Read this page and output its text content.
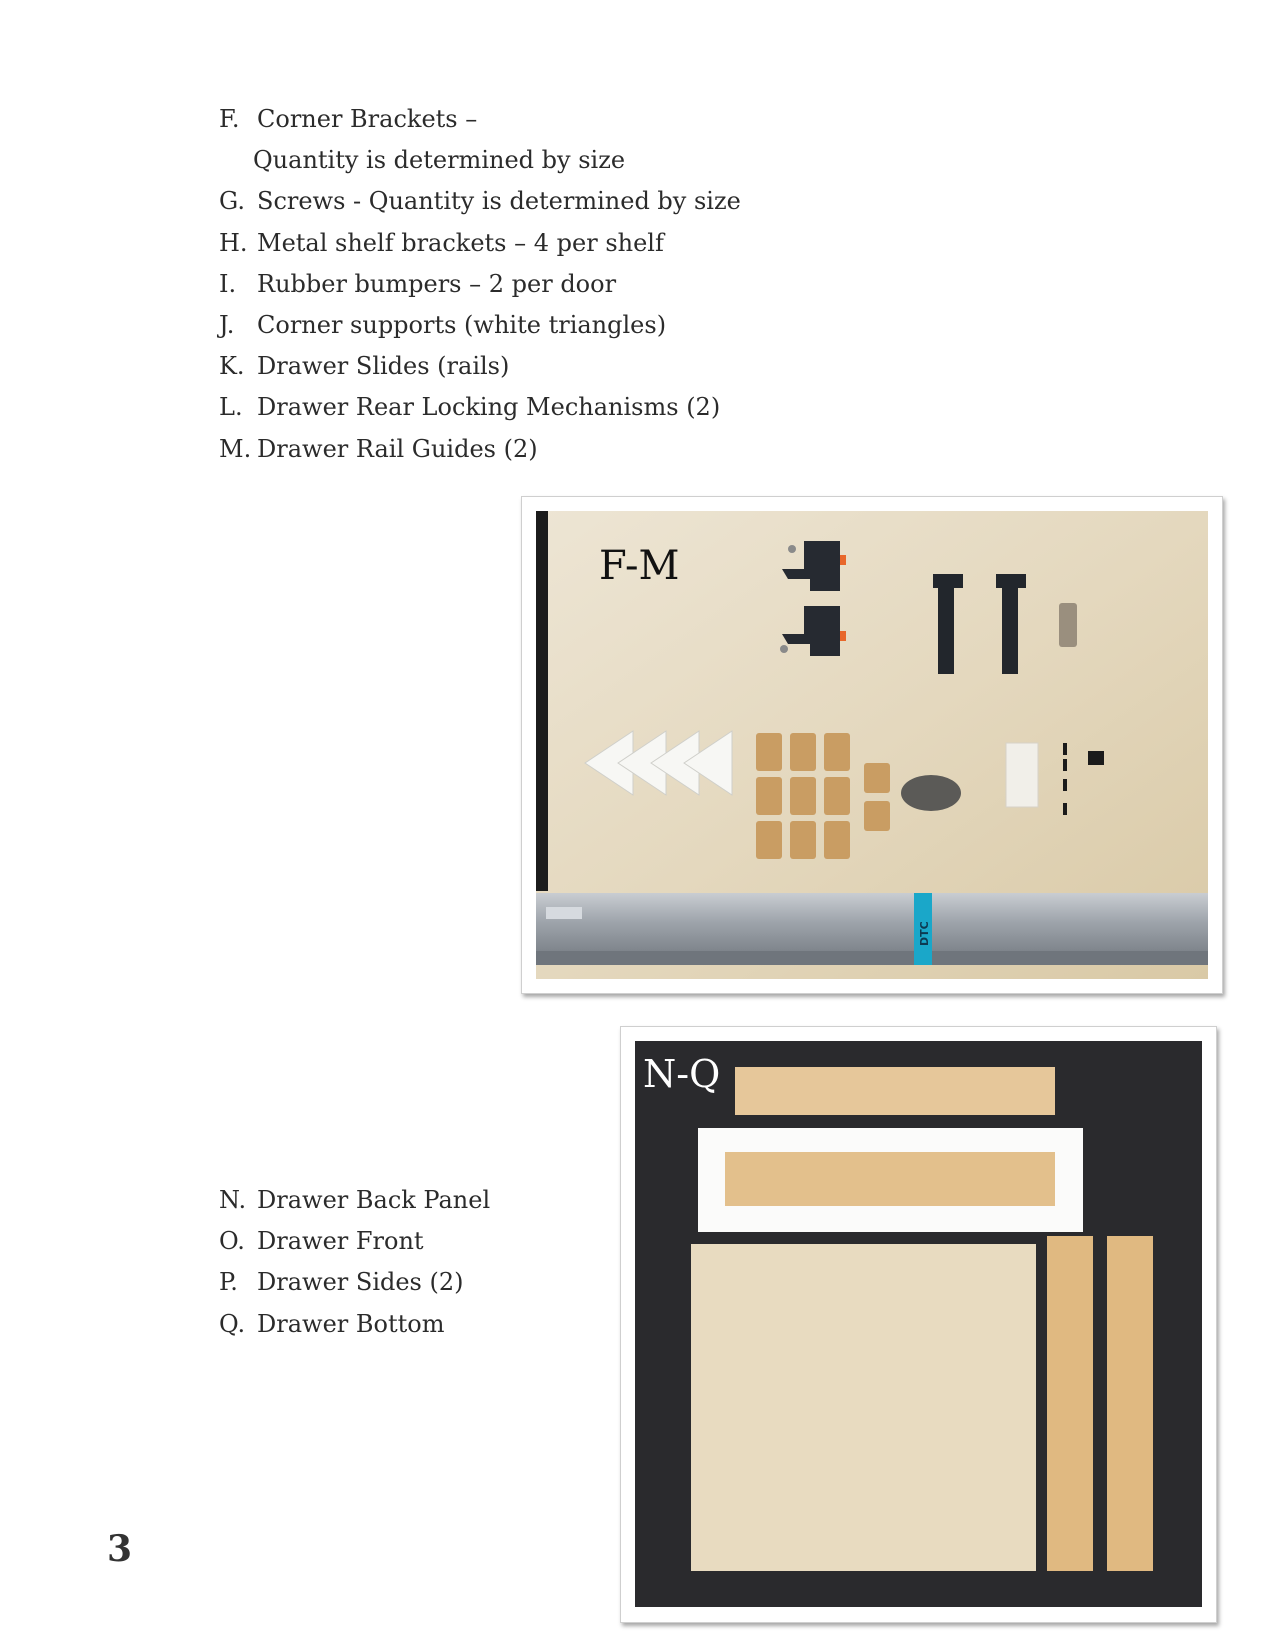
F. Corner Brackets –
Quantity is determined by size
G. Screws - Quantity is determined by size
H. Metal shelf brackets – 4 per shelf
I. Rubber bumpers – 2 per door
J. Corner supports (white triangles)
K. Drawer Slides (rails)
L. Drawer Rear Locking Mechanisms (2)
M. Drawer Rail Guides (2)
DTC
F-M
N-Q
N. Drawer Back Panel
O. Drawer Front
P. Drawer Sides (2)
Q. Drawer Bottom
3
